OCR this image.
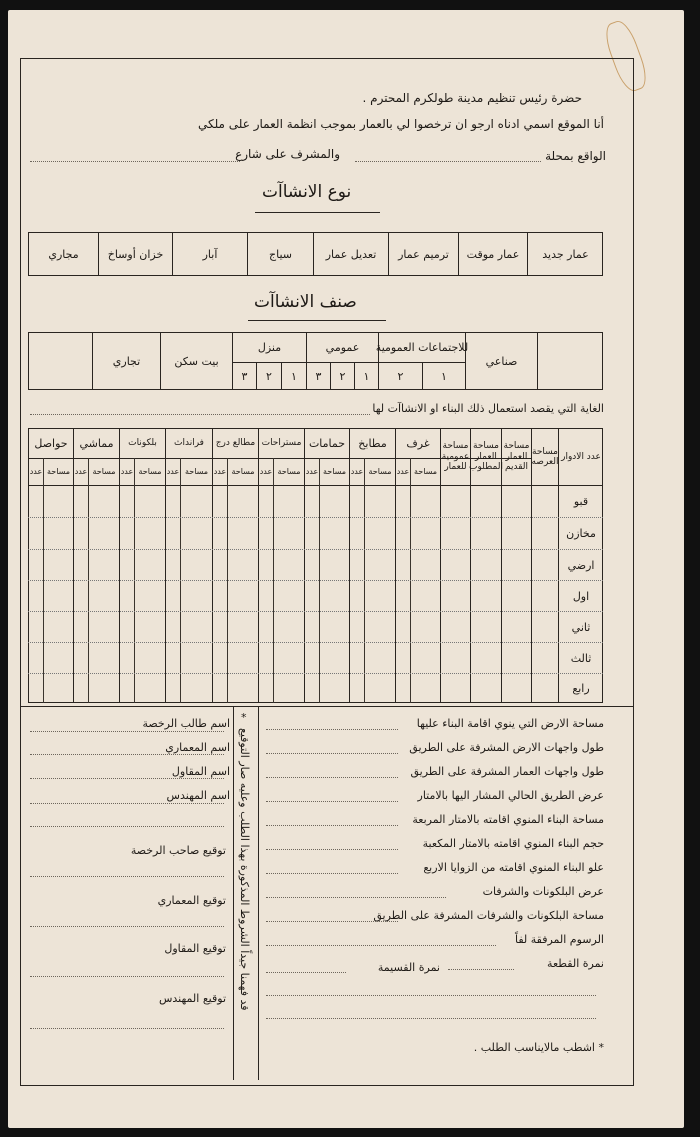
حضرة رئيس تنظيم مدينة طولكرم المحترم .
أنا الموقع اسمي ادناه ارجو ان ترخصوا لي بالعمار بموجب انظمة العمار على ملكي
الواقع بمحلة
والمشرف على شارع
نوع الانشاآت
عمار جديد
عمار موقت
ترميم عمار
تعديل عمار
سياج
آبار
خزان أوساخ
مجاري
صنف الانشاآت
صناعي
للاجتماعات العمومية
عمومي
منزل
بيت سكن
تجاري
١
٢
١
٢
٣
١
٢
٣
الغاية التي يقصد استعمال ذلك البناء او الانشاآت لها
عدد الادوار
مساحة العرصه
مساحة العمار القديم
مساحة العمار المطلوب
مساحة عمومية للعمار
غرف
مطابخ
حمامات
مستراحات
مطالع درج
فرانداث
بلكونات
مماشي
حواصل
عدد مساحة
عدد مساحة
عدد مساحة
عدد مساحة
عدد مساحة
عدد مساحة
عدد مساحة
عدد مساحة
عدد مساحة
قبو
مخازن
ارضي
اول
ثاني
ثالث
رابع
مساحة الارض التي ينوي اقامة البناء عليها
طول واجهات الارض المشرفة على الطريق
طول واجهات العمار المشرفة على الطريق
عرض الطريق الحالي المشار اليها بالامتار
مساحة البناء المنوي اقامته بالامتار المربعة
حجم البناء المنوي اقامته بالامتار المكعبة
علو البناء المنوي اقامته من الزوايا الاربع
عرض البلكونات والشرفات
مساحة البلكونات والشرفات المشرفة على الطريق
الرسوم المرفقة لفاً
نمرة القطعة
نمرة القسيمة
* اشطب مالايناسب الطلب .
*
قد فهمنا جيداً الشروط المذكورة بهذا الطلب وعليه صار التوقيع
اسم طالب الرخصة
اسم المعماري
اسم المقاول
اسم المهندس
توقيع صاحب الرخصة
توقيع المعماري
توقيع المقاول
توقيع المهندس
